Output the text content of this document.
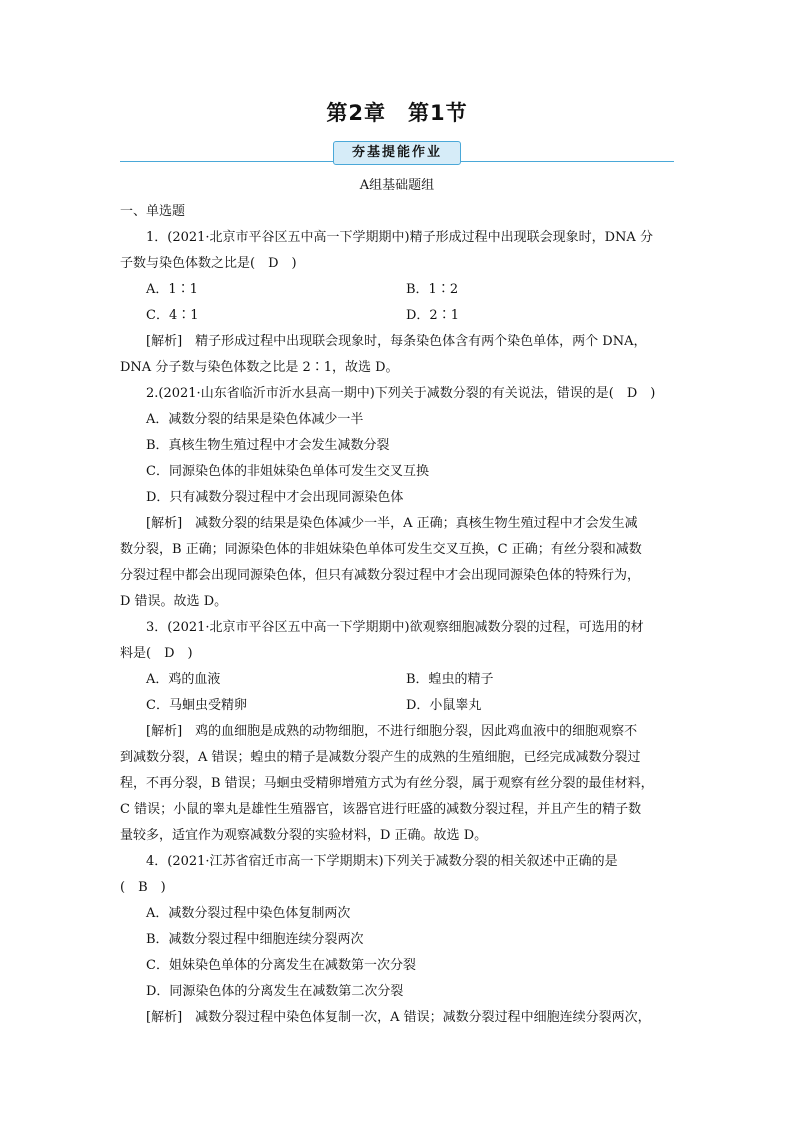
第2章 第1节
夯基提能作业
A组基础题组
一、单选题
1．(2021·北京市平谷区五中高一下学期期中)精子形成过程中出现联会现象时，DNA 分
子数与染色体数之比是(　D　)
A．1∶1	B．1∶2
C．4∶1	D．2∶1
[解析]　精子形成过程中出现联会现象时，每条染色体含有两个染色单体，两个 DNA，
DNA 分子数与染色体数之比是 2∶1，故选 D。
2.(2021·山东省临沂市沂水县高一期中)下列关于减数分裂的有关说法，错误的是(　D　)
A．减数分裂的结果是染色体减少一半
B．真核生物生殖过程中才会发生减数分裂
C．同源染色体的非姐妹染色单体可发生交叉互换
D．只有减数分裂过程中才会出现同源染色体
[解析]　减数分裂的结果是染色体减少一半，A 正确；真核生物生殖过程中才会发生减
数分裂，B 正确；同源染色体的非姐妹染色单体可发生交叉互换，C 正确；有丝分裂和减数
分裂过程中都会出现同源染色体，但只有减数分裂过程中才会出现同源染色体的特殊行为，
D 错误。故选 D。
3．(2021·北京市平谷区五中高一下学期期中)欲观察细胞减数分裂的过程，可选用的材
料是(　D　)
A．鸡的血液	B．蝗虫的精子
C．马蛔虫受精卵	D．小鼠睾丸
[解析]　鸡的血细胞是成熟的动物细胞，不进行细胞分裂，因此鸡血液中的细胞观察不
到减数分裂，A 错误；蝗虫的精子是减数分裂产生的成熟的生殖细胞，已经完成减数分裂过
程，不再分裂，B 错误；马蛔虫受精卵增殖方式为有丝分裂，属于观察有丝分裂的最佳材料，
C 错误；小鼠的睾丸是雄性生殖器官，该器官进行旺盛的减数分裂过程，并且产生的精子数
量较多，适宜作为观察减数分裂的实验材料，D 正确。故选 D。
4．(2021·江苏省宿迁市高一下学期期末)下列关于减数分裂的相关叙述中正确的是
(　B　)
A．减数分裂过程中染色体复制两次
B．减数分裂过程中细胞连续分裂两次
C．姐妹染色单体的分离发生在减数第一次分裂
D．同源染色体的分离发生在减数第二次分裂
[解析]　减数分裂过程中染色体复制一次，A 错误；减数分裂过程中细胞连续分裂两次，
